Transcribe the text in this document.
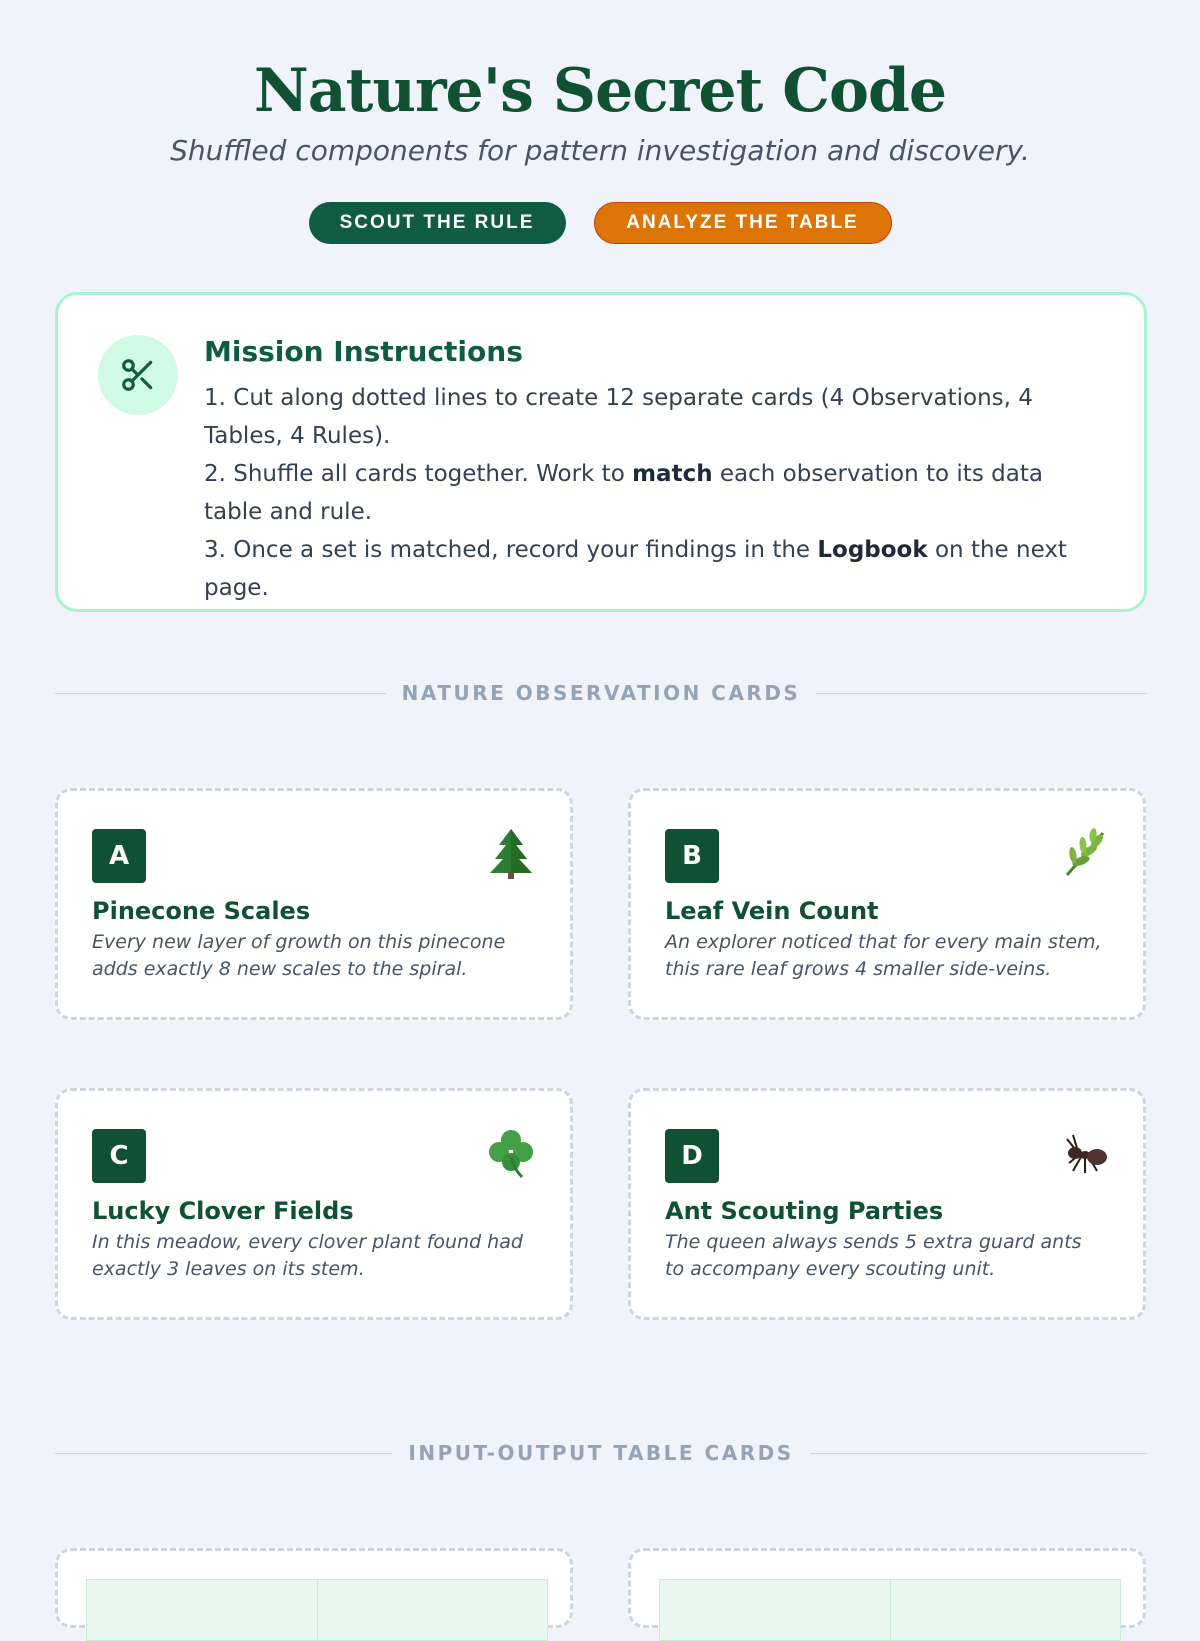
Nature's Secret Code
Shuffled components for pattern investigation and discovery.
SCOUT THE RULE	ANALYZE THE TABLE
Mission Instructions

1. Cut along dotted lines to create 12 separate cards (4 Observations, 4 Tables, 4 Rules).

2. Shuffle all cards together. Work to match each observation to its data table and rule.

3. Once a set is matched, record your findings in the Logbook on the next page.

NATURE OBSERVATION CARDS
A
Pinecone Scales

Every new layer of growth on this pinecone adds exactly 8 new scales to the spiral.

B
Leaf Vein Count

An explorer noticed that for every main stem, this rare leaf grows 4 smaller side-veins.

C
Lucky Clover Fields

In this meadow, every clover plant found had exactly 3 leaves on its stem.

D
Ant Scouting Parties

The queen always sends 5 extra guard ants to accompany every scouting unit.

INPUT-OUTPUT TABLE CARDS
